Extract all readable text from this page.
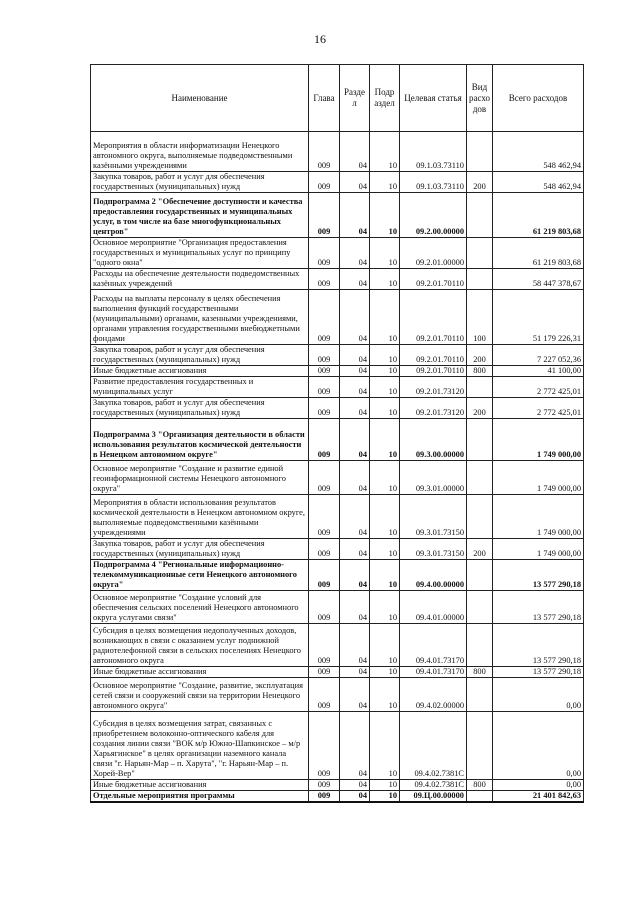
16
Наименование	Глава	Разде л	Подр аздел	Целевая статья	Вид расхо дов	Всего расходов
Мероприятия в области информатизации Ненецкого автономного округа, выполняемые подведомственными казёнными учреждениями	009	04	10	09.1.03.73110		548 462,94
Закупка товаров, работ и услуг для обеспечения государственных (муниципальных) нужд	009	04	10	09.1.03.73110	200	548 462,94
Подпрограмма 2 "Обеспечение доступности и качества предоставления государственных и муниципальных услуг, в том числе на базе многофункциональных центров"	009	04	10	09.2.00.00000		61 219 803,68
Основное мероприятие "Организация предоставления государственных и муниципальных услуг по принципу "одного окна"	009	04	10	09.2.01.00000		61 219 803,68
Расходы на обеспечение деятельности подведомственных казённых учреждений	009	04	10	09.2.01.70110		58 447 378,67
Расходы на выплаты персоналу в целях обеспечения выполнения функций государственными (муниципальными) органами, казенными учреждениями, органами управления государственными внебюджетными фондами	009	04	10	09.2.01.70110	100	51 179 226,31
Закупка товаров, работ и услуг для обеспечения государственных (муниципальных) нужд	009	04	10	09.2.01.70110	200	7 227 052,36
Иные бюджетные ассигнования	009	04	10	09.2.01.70110	800	41 100,00
Развитие предоставления государственных и муниципальных услуг	009	04	10	09.2.01.73120		2 772 425,01
Закупка товаров, работ и услуг для обеспечения государственных (муниципальных) нужд	009	04	10	09.2.01.73120	200	2 772 425,01
Подпрограмма 3 "Организация деятельности в области использования результатов космической деятельности в Ненецком автономном округе"	009	04	10	09.3.00.00000		1 749 000,00
Основное мероприятие "Создание и развитие единой геоинформационной системы Ненецкого автономного округа"	009	04	10	09.3.01.00000		1 749 000,00
Мероприятия в области использования результатов космической деятельности в Ненецком автономном округе, выполняемые подведомственными казёнными учреждениями	009	04	10	09.3.01.73150		1 749 000,00
Закупка товаров, работ и услуг для обеспечения государственных (муниципальных) нужд	009	04	10	09.3.01.73150	200	1 749 000,00
Подпрограмма 4 "Региональные информационно-телекоммуникационные сети Ненецкого автономного округа"	009	04	10	09.4.00.00000		13 577 290,18
Основное мероприятие "Создание условий для обеспечения сельских поселений Ненецкого автономного округа услугами связи"	009	04	10	09.4.01.00000		13 577 290,18
Субсидия в целях возмещения недополученных доходов, возникающих в связи с оказанием услуг поднижной радиотелефонной связи в сельских поселениях Ненецкого автономного округа	009	04	10	09.4.01.73170		13 577 290,18
Иные бюджетные ассигнования	009	04	10	09.4.01.73170	800	13 577 290,18
Основное мероприятие "Создание, развитие, эксплуатация сетей связи и сооружений связи на территории Ненецкого автономного округа"	009	04	10	09.4.02.00000		0,00
Субсидия в целях возмещения затрат, связанных с приобретением волоконно-оптического кабеля для создания линии связи "ВОК м/р Южно-Шапкинское – м/р Харьягинское" в целях организации наземного канала связи "г. Нарьян-Мар – п. Харута", "г. Нарьян-Мар – п. Хорей-Вер"	009	04	10	09.4.02.7381С		0,00
Иные бюджетные ассигнования	009	04	10	09.4.02.7381С	800	0,00
Отдельные мероприятия программы	009	04	10	09.Ц.00.00000		21 401 842,63
